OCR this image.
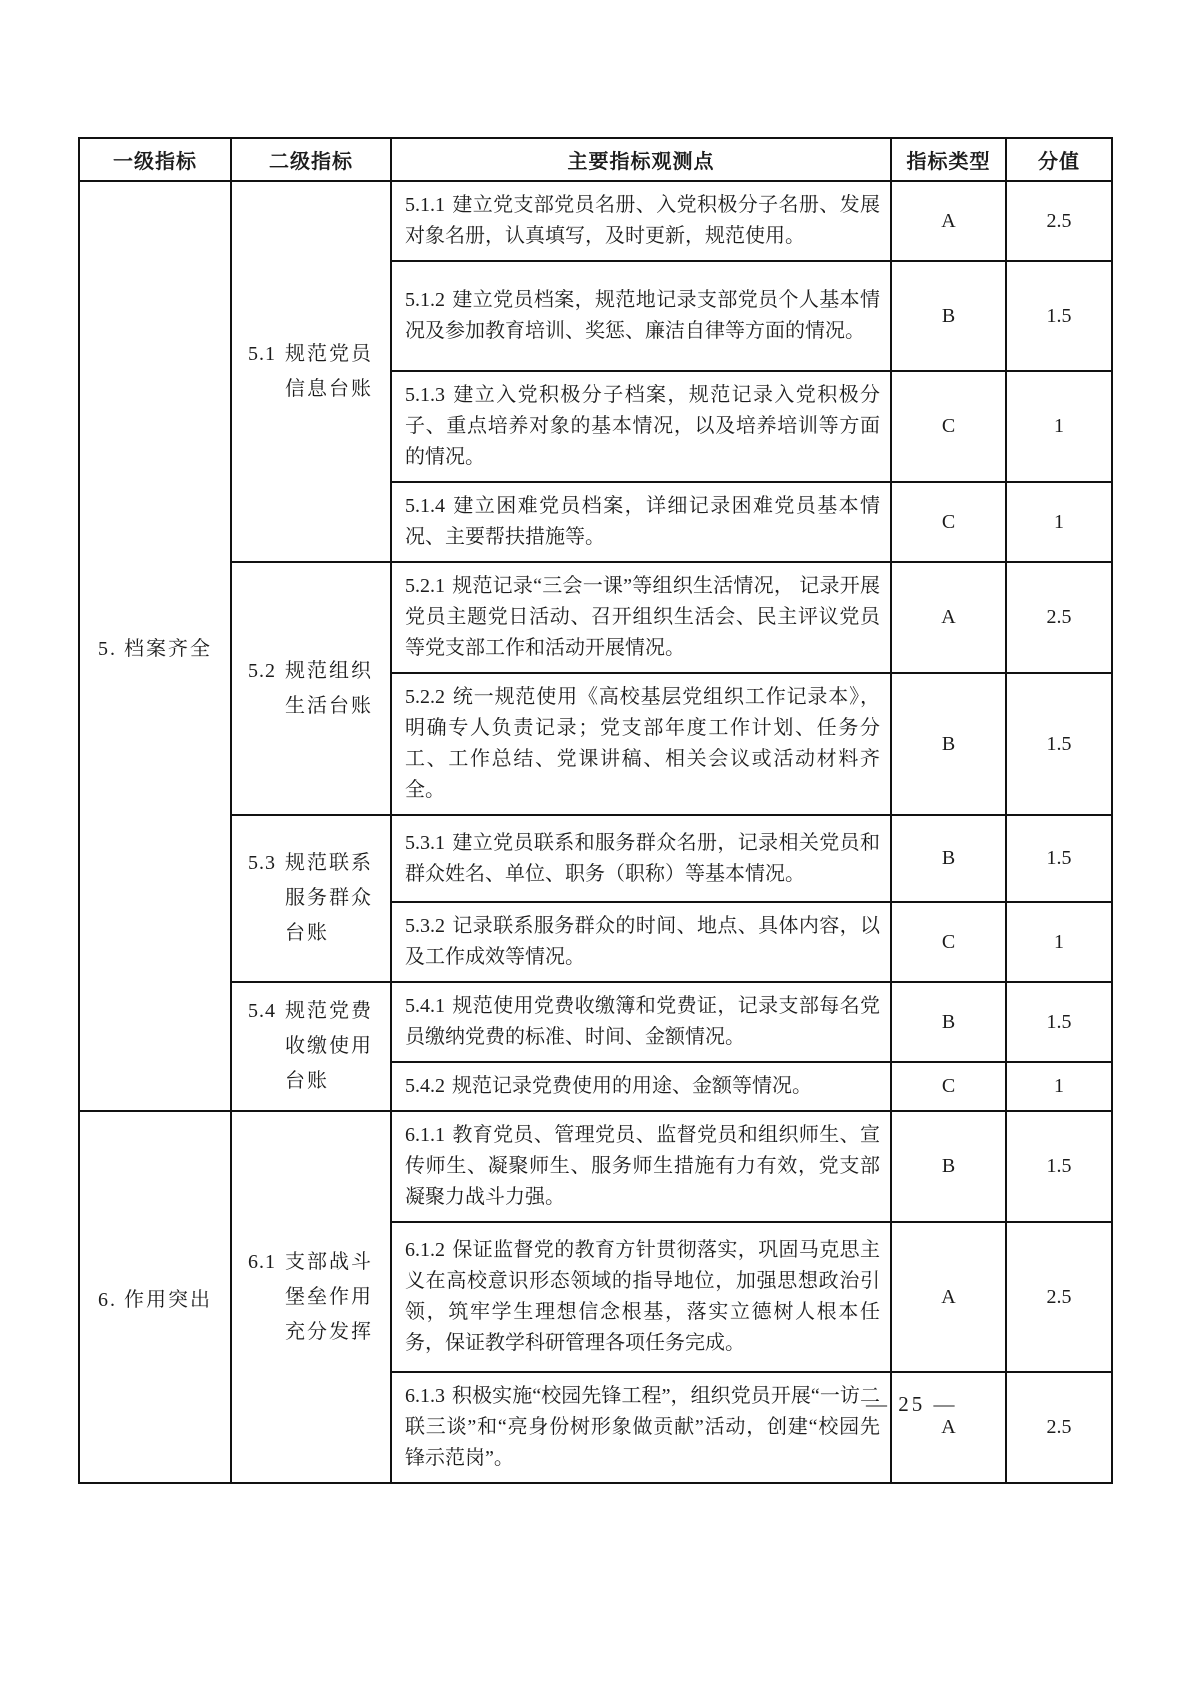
一级指标	二级指标	主要指标观测点	指标类型	分值
5. 档案齐全	5.1 规范党员信息台账	5.1.1 建立党支部党员名册、入党积极分子名册、发展对象名册，认真填写，及时更新，规范使用。	A	2.5
		5.1.2 建立党员档案，规范地记录支部党员个人基本情况及参加教育培训、奖惩、廉洁自律等方面的情况。	B	1.5
		5.1.3 建立入党积极分子档案，规范记录入党积极分子、重点培养对象的基本情况，以及培养培训等方面的情况。	C	1
		5.1.4 建立困难党员档案，详细记录困难党员基本情况、主要帮扶措施等。	C	1

	5.2 规范组织生活台账	5.2.1 规范记录“三会一课”等组织生活情况， 记录开展党员主题党日活动、召开组织生活会、民主评议党员等党支部工作和活动开展情况。	A	2.5
		5.2.2 统一规范使用《高校基层党组织工作记录本》，明确专人负责记录；党支部年度工作计划、任务分工、工作总结、党课讲稿、相关会议或活动材料齐全。	B	1.5

	5.3 规范联系服务群众台账	5.3.1 建立党员联系和服务群众名册，记录相关党员和群众姓名、单位、职务（职称）等基本情况。	B	1.5
		5.3.2 记录联系服务群众的时间、地点、具体内容，以及工作成效等情况。	C	1

	5.4 规范党费收缴使用台账	5.4.1 规范使用党费收缴簿和党费证，记录支部每名党员缴纳党费的标准、时间、金额情况。	B	1.5
		5.4.2 规范记录党费使用的用途、金额等情况。	C	1
6. 作用突出	6.1 支部战斗堡垒作用充分发挥	6.1.1 教育党员、管理党员、监督党员和组织师生、宣传师生、凝聚师生、服务师生措施有力有效，党支部凝聚力战斗力强。	B	1.5
		6.1.2 保证监督党的教育方针贯彻落实，巩固马克思主义在高校意识形态领域的指导地位，加强思想政治引领，筑牢学生理想信念根基，落实立德树人根本任务，保证教学科研管理各项任务完成。	A	2.5
		6.1.3 积极实施“校园先锋工程”，组织党员开展“一访二联三谈”和“亮身份树形象做贡献”活动，创建“校园先锋示范岗”。	A	2.5
— 25 —
